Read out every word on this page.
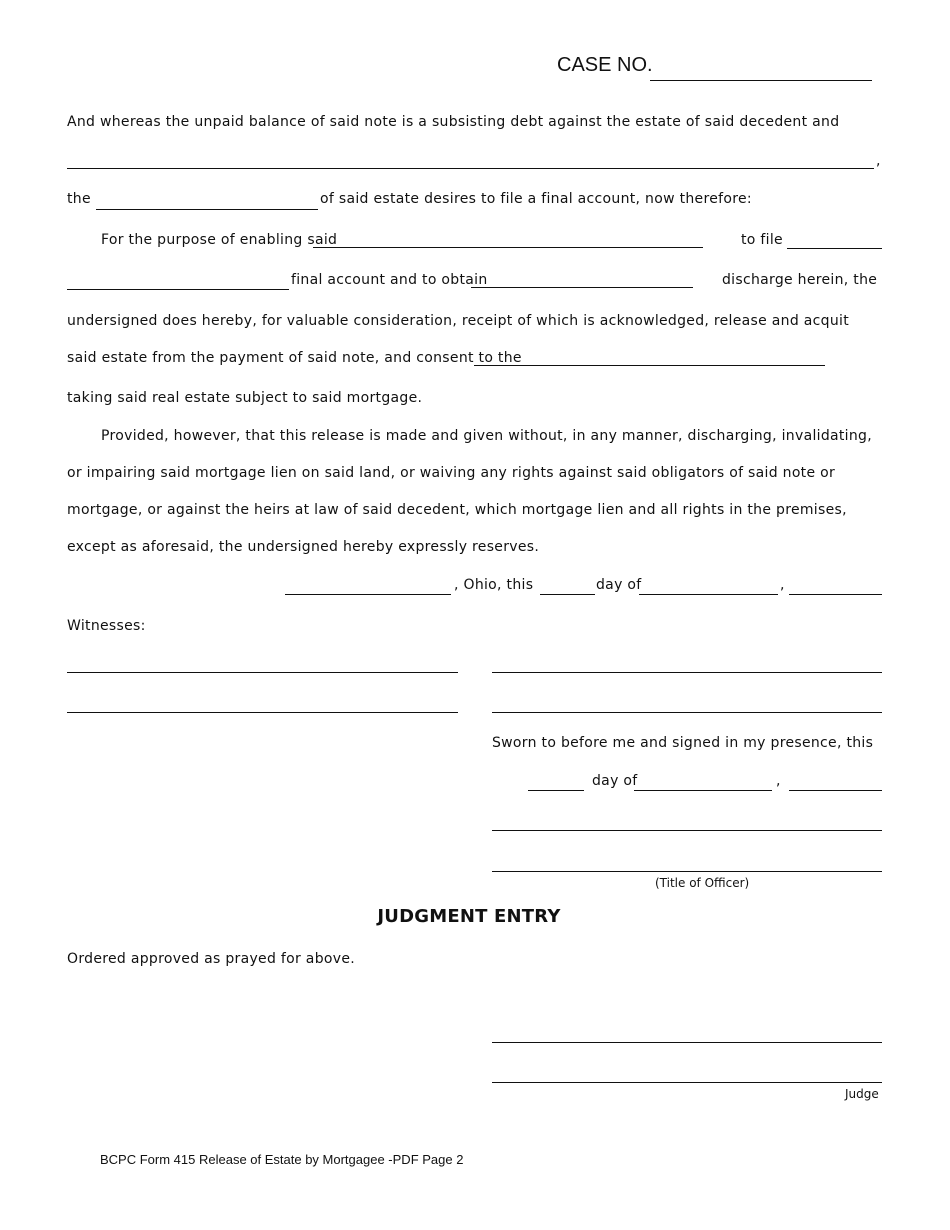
CASE NO.
And whereas the unpaid balance of said note is a subsisting debt against the estate of said decedent and
,
the	of said estate desires to file a final account, now therefore:
For the purpose of enabling said	to file
final account and to obtain	discharge herein, the
undersigned does hereby, for valuable consideration, receipt of which is acknowledged, release and acquit
said estate from the payment of said note, and consent to the
taking said real estate subject to said mortgage.
Provided, however, that this release is made and given without, in any manner, discharging, invalidating,
or impairing said mortgage lien on said land, or waiving any rights against said obligators of said note or
mortgage, or against the heirs at law of said decedent, which mortgage lien and all rights in the premises,
except as aforesaid, the undersigned hereby expressly reserves.
, Ohio, this	day of	,
Witnesses:
Sworn to before me and signed in my presence, this
day of	,
(Title of Officer)
JUDGMENT ENTRY
Ordered approved as prayed for above.
Judge
BCPC Form 415 Release of Estate by Mortgagee -PDF Page 2
